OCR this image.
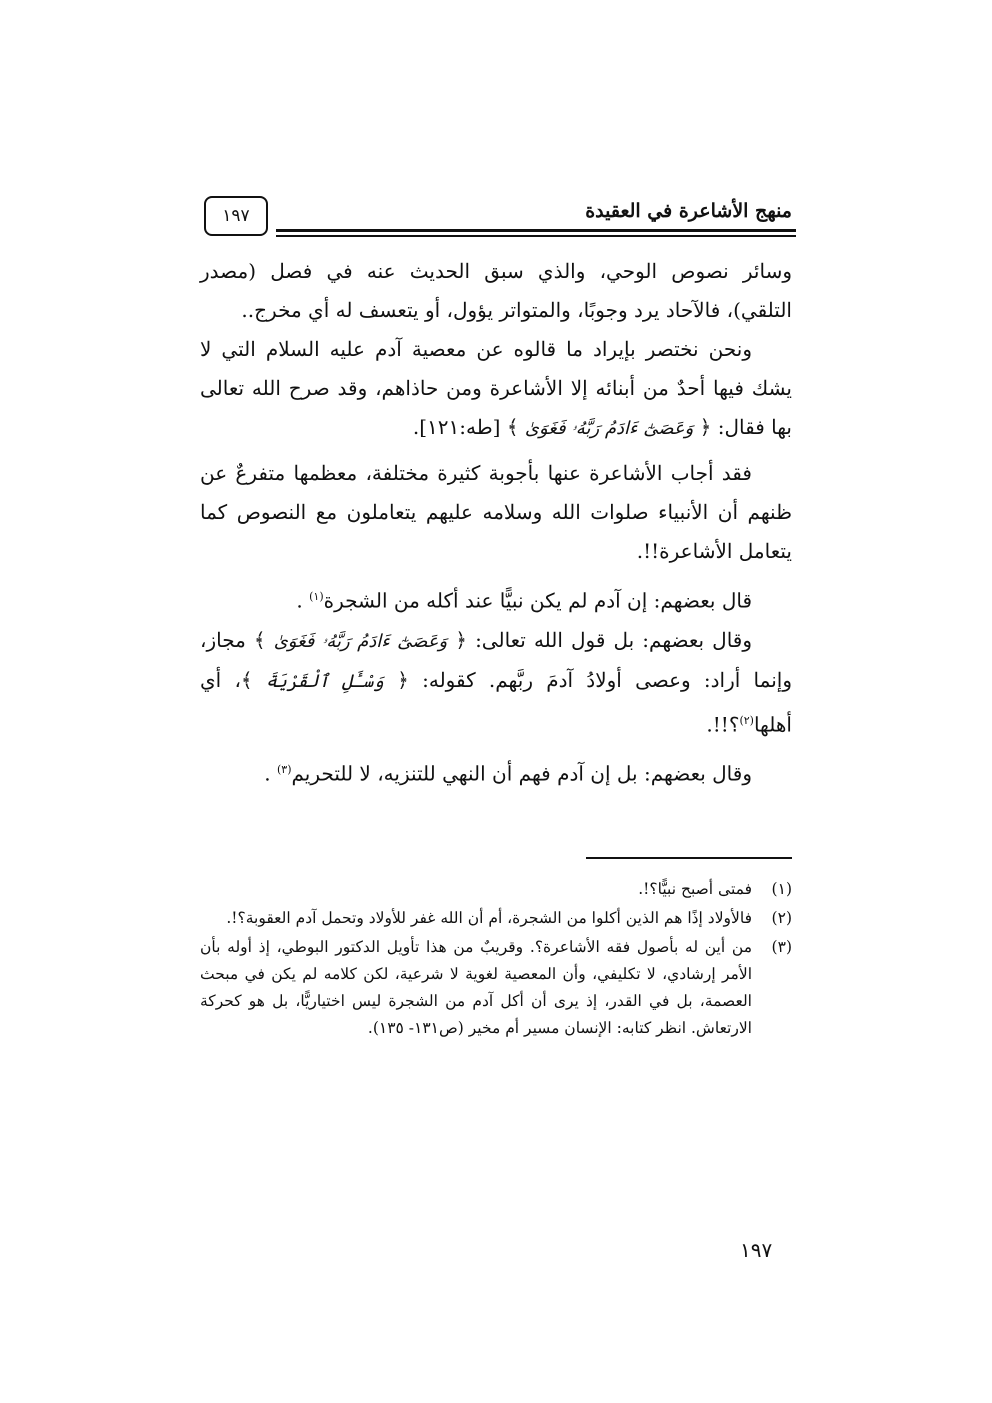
١٩٧	منهج الأشاعرة في العقيدة

وسائر نصوص الوحي، والذي سبق الحديث عنه في فصل (مصدر التلقي)، فالآحاد يرد وجوبًا، والمتواتر يؤول، أو يتعسف له أي مخرج..

ونحن نختصر بإيراد ما قالوه عن معصية آدم عليه السلام التي لا يشك فيها أحدٌ من أبنائه إلا الأشاعرة ومن حاذاهم، وقد صرح الله تعالى بها فقال: ﴿ وَعَصَىٰٓ ءَادَمُ رَبَّهُۥ فَغَوَىٰ ﴾ [طه:١٢١].

فقد أجاب الأشاعرة عنها بأجوبة كثيرة مختلفة، معظمها متفرعٌ عن ظنهم أن الأنبياء صلوات الله وسلامه عليهم يتعاملون مع النصوص كما يتعامل الأشاعرة!!.

قال بعضهم: إن آدم لم يكن نبيًّا عند أكله من الشجرة$^{(١)}$ .

وقال بعضهم: بل قول الله تعالى: ﴿ وَعَصَىٰٓ ءَادَمُ رَبَّهُۥ فَغَوَىٰ ﴾ مجاز، وإنما أراد: وعصى أولادُ آدمَ ربَّهم. كقوله: ﴿ وَسْـَٔلِ ٱلْقَرْيَةَ ﴾، أي أهلها$^{(٢)}$؟!!.

وقال بعضهم: بل إن آدم فهم أن النهي للتنزيه، لا للتحريم$^{(٣)}$ .

(١)
فمتى أصبح نبيًّا؟!.
(٢)
فالأولاد إذًا هم الذين أكلوا من الشجرة، أم أن الله غفر للأولاد وتحمل آدم العقوبة؟!.
(٣)
من أين له بأصول فقه الأشاعرة؟. وقريبٌ من هذا تأويل الدكتور البوطي، إذ أوله بأن الأمر إرشادي، لا تكليفي، وأن المعصية لغوية لا شرعية، لكن كلامه لم يكن في مبحث العصمة، بل في القدر، إذ يرى أن أكل آدم من الشجرة ليس اختياريًّا، بل هو كحركة الارتعاش. انظر كتابه: الإنسان مسير أم مخير (ص١٣١- ١٣٥).
١٩٧
